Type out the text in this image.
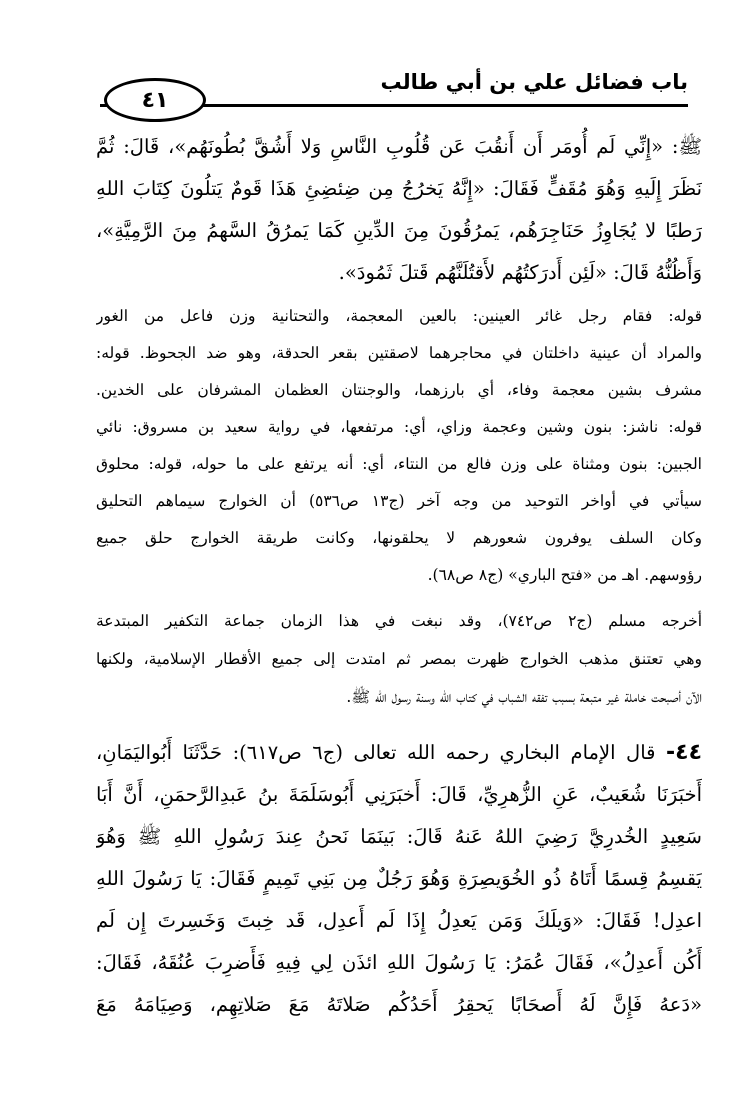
٤١
باب فضائل علي بن أبي طالب
ﷺ: «إِنِّي لَم أُومَر أَن أَنقُبَ عَن قُلُوبِ النَّاسِ وَلا أَشُقَّ بُطُونَهُم»، قَالَ: ثُمَّ
نَظَرَ إِلَيهِ وَهُوَ مُقَفٍّ فَقَالَ: «إِنَّهُ يَخرُجُ مِن ضِئضِئِ هَذَا قَومٌ يَتلُونَ كِتَابَ اللهِ
رَطبًا لا يُجَاوِزُ حَنَاجِرَهُم، يَمرُقُونَ مِنَ الدِّينِ كَمَا يَمرُقُ السَّهمُ مِنَ الرَّمِيَّةِ»،
وَأَظُنُّهُ قَالَ: «لَئِن أَدرَكتُهُم لأَقتُلَنَّهُم قَتلَ ثَمُودَ».
قوله: فقام رجل غائر العينين: بالعين المعجمة، والتحتانية وزن فاعل من الغور
والمراد أن عينية داخلتان في محاجرهما لاصقتين بقعر الحدقة، وهو ضد الجحوظ. قوله:
مشرف بشين معجمة وفاء، أي بارزهما، والوجنتان العظمان المشرفان على الخدين.
قوله: ناشز: بنون وشين وعجمة وزاي، أي: مرتفعها، في رواية سعيد بن مسروق: نائي
الجبين: بنون ومثناة على وزن فالع من النتاء، أي: أنه يرتفع على ما حوله، قوله: محلوق
سيأتي في أواخر التوحيد من وجه آخر (ج١٣ ص٥٣٦) أن الخوارج سيماهم التحليق
وكان السلف يوفرون شعورهم لا يحلقونها، وكانت طريقة الخوارج حلق جميع
رؤوسهم. اهـ من «فتح الباري» (ج٨ ص٦٨).
أخرجه مسلم (ج٢ ص٧٤٢)، وقد نبغت في هذا الزمان جماعة التكفير المبتدعة
وهي تعتنق مذهب الخوارج ظهرت بمصر ثم امتدت إلى جميع الأقطار الإسلامية، ولكنها
الآن أصبحت خاملة غير متبعة بسبب تفقه الشباب في كتاب الله وسنة رسول الله ﷺ.
٤٤- قال الإمام البخاري رحمه الله تعالى (ج٦ ص٦١٧): حَدَّثَنَا أَبُواليَمَانِ،
أَخبَرَنَا شُعَيبٌ، عَنِ الزُّهرِيِّ، قَالَ: أَخبَرَنِي أَبُوسَلَمَةَ بنُ عَبدِالرَّحمَنِ، أَنَّ أَبَا
سَعِيدٍ الخُدرِيَّ رَضِيَ اللهُ عَنهُ قَالَ: بَينَمَا نَحنُ عِندَ رَسُولِ اللهِ ﷺ وَهُوَ
يَقسِمُ قِسمًا أَتَاهُ ذُو الخُوَيصِرَةِ وَهُوَ رَجُلٌ مِن بَنِي تَمِيمٍ فَقَالَ: يَا رَسُولَ اللهِ
اعدِل! فَقَالَ: «وَيلَكَ وَمَن يَعدِلُ إِذَا لَم أَعدِل، قَد خِبتَ وَخَسِرتَ إِن لَم
أَكُن أَعدِلُ»، فَقَالَ عُمَرُ: يَا رَسُولَ اللهِ ائذَن لِي فِيهِ فَأَضرِبَ عُنُقَهُ، فَقَالَ:
«دَعهُ فَإِنَّ لَهُ أَصحَابًا يَحقِرُ أَحَدُكُم صَلاتَهُ مَعَ صَلاتِهِم، وَصِيَامَهُ مَعَ
